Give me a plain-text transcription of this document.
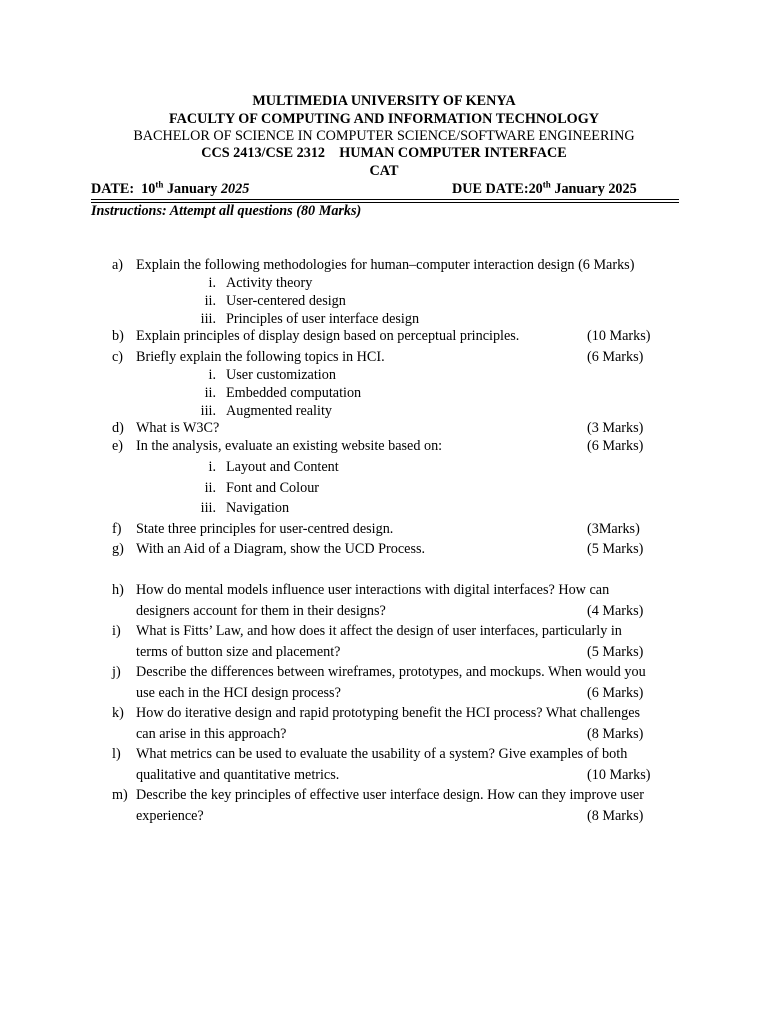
MULTIMEDIA UNIVERSITY OF KENYA
FACULTY OF COMPUTING AND INFORMATION TECHNOLOGY
BACHELOR OF SCIENCE IN COMPUTER SCIENCE/SOFTWARE ENGINEERING
CCS 2413/CSE 2312    HUMAN COMPUTER INTERFACE
CAT
DATE:  10th January 2025	DUE DATE:20th January 2025
Instructions: Attempt all questions (80 Marks)
a) Explain the following methodologies for human–computer interaction design (6 Marks)
i. Activity theory
ii. User-centered design
iii. Principles of user interface design
b) Explain principles of display design based on perceptual principles.	(10 Marks)
c) Briefly explain the following topics in HCI.	(6 Marks)
i. User customization
ii. Embedded computation
iii. Augmented reality
d) What is W3C?	(3 Marks)
e) In the analysis, evaluate an existing website based on:	(6 Marks)
i. Layout and Content
ii. Font and Colour
iii. Navigation
f) State three principles for user-centred design.	(3Marks)
g) With an Aid of a Diagram, show the UCD Process.	(5 Marks)
h) How do mental models influence user interactions with digital interfaces? How can
designers account for them in their designs?	(4 Marks)
i) What is Fitts’ Law, and how does it affect the design of user interfaces, particularly in
terms of button size and placement?	(5 Marks)
j) Describe the differences between wireframes, prototypes, and mockups. When would you
use each in the HCI design process?	(6 Marks)
k) How do iterative design and rapid prototyping benefit the HCI process? What challenges
can arise in this approach?	(8 Marks)
l) What metrics can be used to evaluate the usability of a system? Give examples of both
qualitative and quantitative metrics.	(10 Marks)
m) Describe the key principles of effective user interface design. How can they improve user
experience?	(8 Marks)
